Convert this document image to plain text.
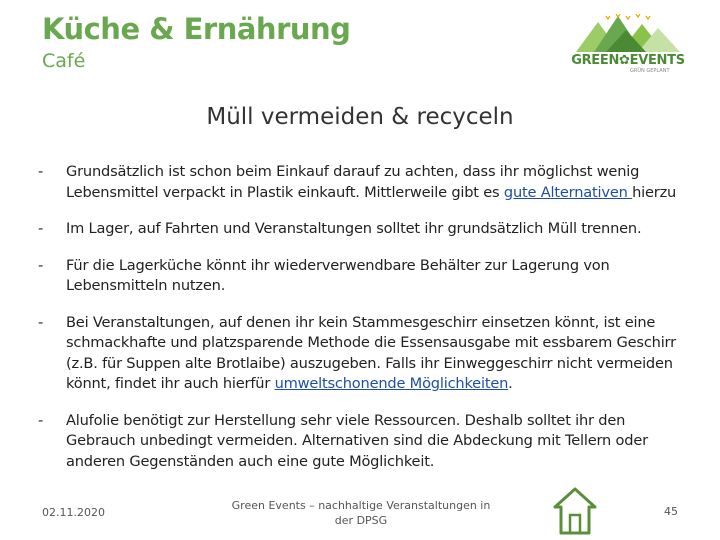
Küche & Ernährung
Café	GREEN✿EVENTS
GRÜN GEPLANT
Müll vermeiden & recyceln
- Grundsätzlich ist schon beim Einkauf darauf zu achten, dass ihr möglichst wenig Lebensmittel verpackt in Plastik einkauft. Mittlerweile gibt es gute Alternativen hierzu
- Im Lager, auf Fahrten und Veranstaltungen solltet ihr grundsätzlich Müll trennen.
- Für die Lagerküche könnt ihr wiederverwendbare Behälter zur Lagerung von Lebensmitteln nutzen.
- Bei Veranstaltungen, auf denen ihr kein Stammesgeschirr einsetzen könnt, ist eine schmackhafte und platzsparende Methode die Essensausgabe mit essbarem Geschirr (z.B. für Suppen alte Brotlaibe) auszugeben. Falls ihr Einweggeschirr nicht vermeiden könnt, findet ihr auch hierfür umweltschonende Möglichkeiten.
- Alufolie benötigt zur Herstellung sehr viele Ressourcen. Deshalb solltet ihr den Gebrauch unbedingt vermeiden. Alternativen sind die Abdeckung mit Tellern oder anderen Gegenständen auch eine gute Möglichkeit.
02.11.2020
Green Events – nachhaltige Veranstaltungen in der DPSG
45
